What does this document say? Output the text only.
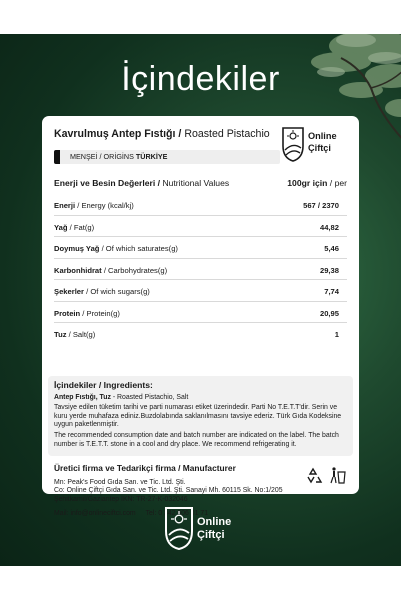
İçindekiler
Kavrulmuş Antep Fıstığı / Roasted Pistachio
MENŞEİ / ORİGİNS TÜRKİYE
Online
Çiftçi
Enerji ve Besin Değerleri / Nutritional Values	100gr için / per
Enerji / Energy (kcal/kj)	567 / 2370
Yağ / Fat(g)	44,82
Doymuş Yağ / Of which saturates(g)	5,46
Karbonhidrat / Carbohydrates(g)	29,38
Şekerler / Of wich sugars(g)	7,74
Protein / Protein(g)	20,95
Tuz / Salt(g)	1
İçindekiler / Ingredients:
Antep Fıstığı, Tuz - Roasted Pistachio, Salt

Tavsiye edilen tüketim tarihi ve parti numarası etiket üzerindedir. Parti No T.E.T.T'dir. Serin ve kuru yerde muhafaza ediniz.Buzdolabında saklanılmasını tavsiye ederiz. Türk Gıda Kodeksine uygun paketlenmiştir.

The recommended consumption date and batch number are indicated on the label. The batch number is T.E.T.T. stone in a cool and dry place. We recommend refrigerating it.

Üretici firma ve Tedarikçi firma / Manufacturer
Mn: Peak's Food Gıda San. ve Tic. Ltd. Şti.
Co: Online Çiftçi Gıda San. ve Tic. Ltd. Şti. Sanayi Mh. 60115 Sk. No:1/205
Şehitkamil/Gaziantep IKN: TR-27-K-032046
Mail: info@onlineciftci.com Tel: 0 342 606 01 71
Online
Çiftçi
